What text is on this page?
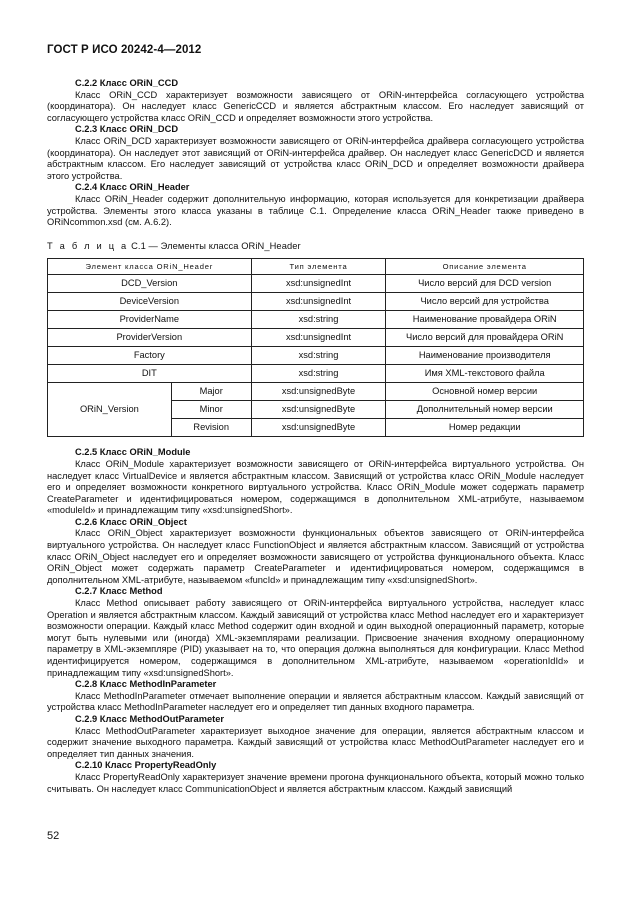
ГОСТ Р ИСО 20242-4—2012
C.2.2 Класс ORiN_CCD
Класс ORiN_CCD характеризует возможности зависящего от ORiN-интерфейса согласующего устройства (координатора). Он наследует класс GenericCCD и является абстрактным классом. Его наследует зависящий от согласующего устройства класс ORiN_CCD и определяет возможности этого устройства.
C.2.3 Класс ORiN_DCD
Класс ORiN_DCD характеризует возможности зависящего от ORiN-интерфейса драйвера согласующего устройства (координатора). Он наследует этот зависящий от ORiN-интерфейса драйвер. Он наследует класс GenericDCD и является абстрактным классом. Его наследует зависящий от устройства класс ORiN_DCD и определяет возможности драйвера этого устройства.
C.2.4 Класс ORiN_Header
Класс ORiN_Header содержит дополнительную информацию, которая используется для конкретизации драйвера устройства. Элементы этого класса указаны в таблице С.1. Определение класса ORiN_Header также приведено в ORiNcommon.xsd (см. А.6.2).
Т а б л и ц а С.1 — Элементы класса ORiN_Header
Элемент класса ORiN_Header		Тип элемента	Описание элемента
DCD_Version		xsd:unsignedInt	Число версий для DCD version
DeviceVersion		xsd:unsignedInt	Число версий для устройства
ProviderName		xsd:string	Наименование провайдера ORiN
ProviderVersion		xsd:unsignedInt	Число версий для провайдера ORiN
Factory		xsd:string	Наименование производителя
DIT		xsd:string	Имя XML-текстового файла
ORiN_Version	Major	xsd:unsignedByte	Основной номер версии
	Minor	xsd:unsignedByte	Дополнительный номер версии
	Revision	xsd:unsignedByte	Номер редакции
C.2.5 Класс ORiN_Module
Класс ORiN_Module характеризует возможности зависящего от ORiN-интерфейса виртуального устройства. Он наследует класс VirtualDevice и является абстрактным классом. Зависящий от устройства класс ORiN_Module наследует его и определяет возможности конкретного виртуального устройства. Класс ORiN_Module может содержать параметр CreateParameter и идентифицироваться номером, содержащимся в дополнительном XML-атрибуте, называемом «moduleId» и принадлежащим типу «xsd:unsignedShort».
C.2.6 Класс ORiN_Object
Класс ORiN_Object характеризует возможности функциональных объектов зависящего от ORiN-интерфейса виртуального устройства. Он наследует класс FunctionObject и является абстрактным классом. Зависящий от устройства класс ORiN_Object наследует его и определяет возможности зависящего от устройства функционального объекта. Класс ORiN_Object может содержать параметр CreateParameter и идентифицироваться номером, содержащимся в дополнительном XML-атрибуте, называемом «funcId» и принадлежащим типу «xsd:unsignedShort».
C.2.7 Класс Method
Класс Method описывает работу зависящего от ORiN-интерфейса виртуального устройства, наследует класс Operation и является абстрактным классом. Каждый зависящий от устройства класс Method наследует его и характеризует возможности операции. Каждый класс Method содержит один входной и один выходной операционный параметр, которые могут быть нулевыми или (иногда) XML-экземплярами реализации. Присвоение значения входному операционному параметру в XML-экземпляре (PID) указывает на то, что операция должна выполняться для конфигурации. Класс Method идентифицируется номером, содержащимся в дополнительном XML-атрибуте, называемом «operationIdId» и принадлежащим типу «xsd:unsignedShort».
C.2.8 Класс MethodInParameter
Класс MethodInParameter отмечает выполнение операции и является абстрактным классом. Каждый зависящий от устройства класс MethodInParameter наследует его и определяет тип данных входного параметра.
C.2.9 Класс MethodOutParameter
Класс MethodOutParameter характеризует выходное значение для операции, является абстрактным классом и содержит значение выходного параметра. Каждый зависящий от устройства класс MethodOutParameter наследует его и определяет тип данных значения.
C.2.10 Класс PropertyReadOnly
Класс PropertyReadOnly характеризует значение времени прогона функционального объекта, который можно только считывать. Он наследует класс CommunicationObject и является абстрактным классом. Каждый зависящий
52
